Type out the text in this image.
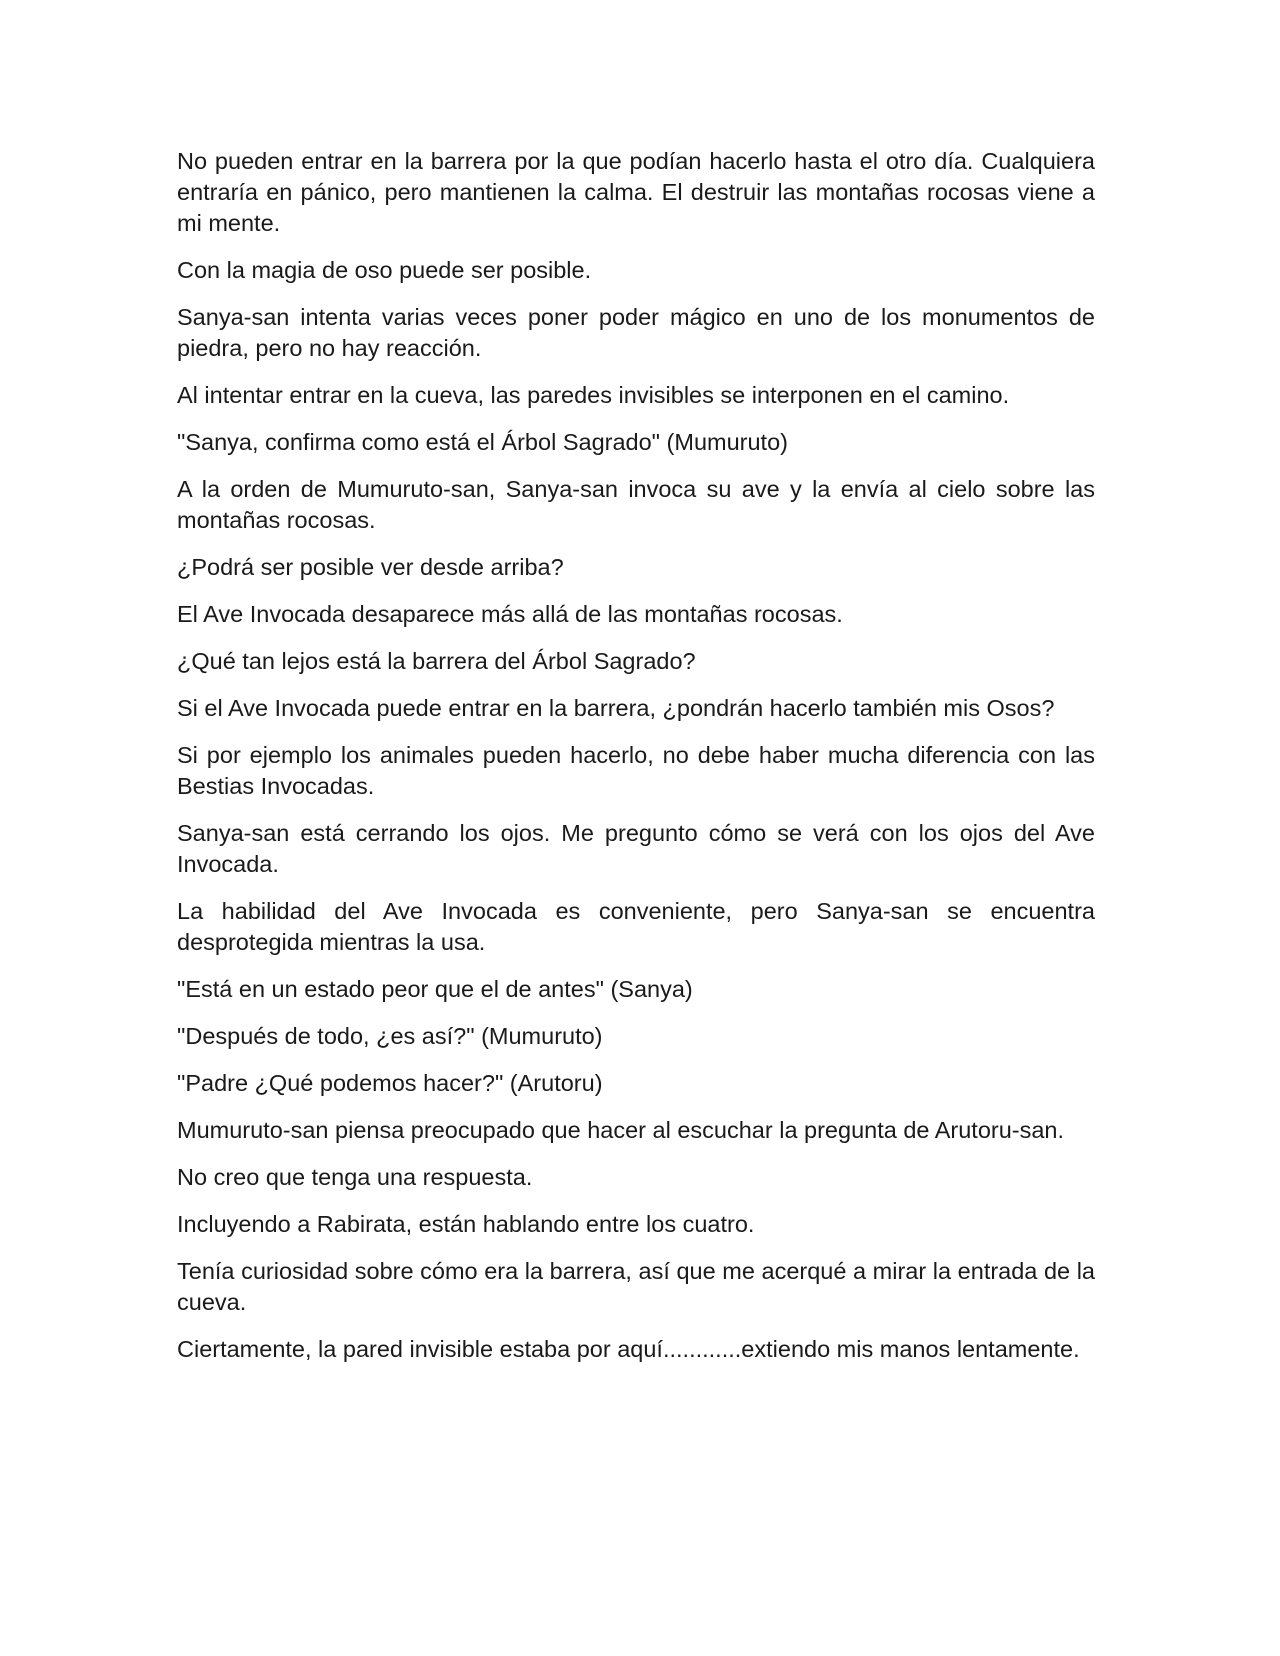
No pueden entrar en la barrera por la que podían hacerlo hasta el otro día. Cualquiera entraría en pánico, pero mantienen la calma. El destruir las montañas rocosas viene a mi mente.

Con la magia de oso puede ser posible.

Sanya-san intenta varias veces poner poder mágico en uno de los monumentos de piedra, pero no hay reacción.

Al intentar entrar en la cueva, las paredes invisibles se interponen en el camino.

"Sanya, confirma como está el Árbol Sagrado" (Mumuruto)

A la orden de Mumuruto-san, Sanya-san invoca su ave y la envía al cielo sobre las montañas rocosas.

¿Podrá ser posible ver desde arriba?

El Ave Invocada desaparece más allá de las montañas rocosas.

¿Qué tan lejos está la barrera del Árbol Sagrado?

Si el Ave Invocada puede entrar en la barrera, ¿pondrán hacerlo también mis Osos?

Si por ejemplo los animales pueden hacerlo, no debe haber mucha diferencia con las Bestias Invocadas.

Sanya-san está cerrando los ojos. Me pregunto cómo se verá con los ojos del Ave Invocada.

La habilidad del Ave Invocada es conveniente, pero Sanya-san se encuentra desprotegida mientras la usa.

"Está en un estado peor que el de antes" (Sanya)

"Después de todo, ¿es así?" (Mumuruto)

"Padre ¿Qué podemos hacer?" (Arutoru)

Mumuruto-san piensa preocupado que hacer al escuchar la pregunta de Arutoru-san.

No creo que tenga una respuesta.

Incluyendo a Rabirata, están hablando entre los cuatro.

Tenía curiosidad sobre cómo era la barrera, así que me acerqué a mirar la entrada de la cueva.

Ciertamente, la pared invisible estaba por aquí............extiendo mis manos lentamente.
